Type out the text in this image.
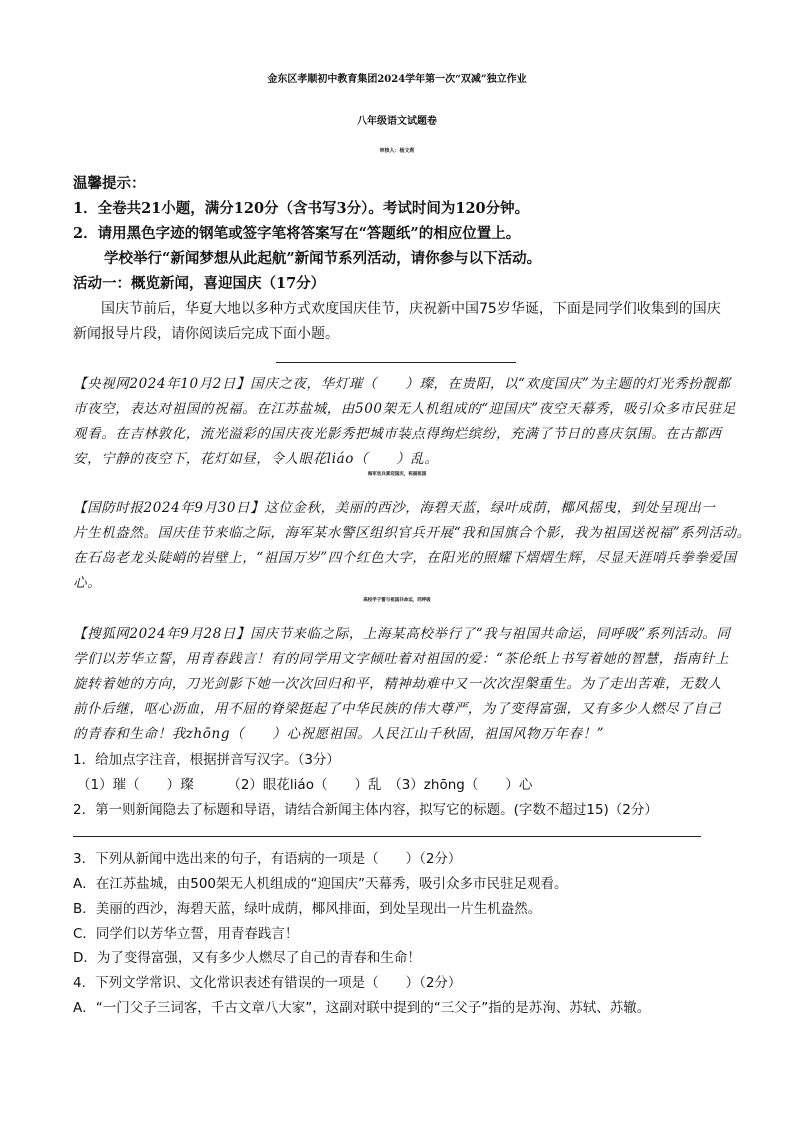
金东区孝顺初中教育集团2024学年第一次“双减”独立作业
八年级语文试题卷
审核人：杨文莉
温馨提示：
1．全卷共21小题，满分120分（含书写3分）。考试时间为120分钟。
2．请用黑色字迹的钢笔或签字笔将答案写在“答题纸”的相应位置上。
学校举行“新闻梦想从此起航”新闻节系列活动，请你参与以下活动。
活动一：概览新闻，喜迎国庆（17分）
国庆节前后，华夏大地以多种方式欢度国庆佳节，庆祝新中国75岁华诞，下面是同学们收集到的国庆
新闻报导片段，请你阅读后完成下面小题。
【央视网2024年10月2日】国庆之夜，华灯璀（　　）璨，在贵阳，以“欢度国庆”为主题的灯光秀扮靓都
市夜空，表达对祖国的祝福。在江苏盐城，由500架无人机组成的“迎国庆”夜空天幕秀，吸引众多市民驻足
观看。在吉林敦化，流光溢彩的国庆夜光影秀把城市装点得绚烂缤纷，充满了节日的喜庆氛围。在古都西
安，宁静的夜空下，花灯如昼，令人眼花liáo（　　）乱。
海军官兵喜迎国庆，祝福祖国
【国防时报2024年9月30日】这位金秋，美丽的西沙，海碧天蓝，绿叶成荫，椰风摇曳，到处呈现出一
片生机盎然。国庆佳节来临之际，海军某水警区组织官兵开展“我和国旗合个影，我为祖国送祝福”系列活动。
在石岛老龙头陡峭的岩壁上，“祖国万岁”四个红色大字，在阳光的照耀下熠熠生辉，尽显天涯哨兵拳拳爱国
心。
高校学子誓与祖国共命运，同呼吸
【搜狐网2024年9月28日】国庆节来临之际，上海某高校举行了“我与祖国共命运，同呼吸”系列活动。同
学们以芳华立誓，用青春践言！有的同学用文字倾吐着对祖国的爱：“茶伦纸上书写着她的智慧，指南针上
旋转着她的方向，刀光剑影下她一次次回归和平，精神劫难中又一次次涅槃重生。为了走出苦难，无数人
前仆后继，呕心沥血，用不屈的脊梁挺起了中华民族的伟大尊严，为了变得富强，又有多少人燃尽了自己
的青春和生命！我zhōng（　　）心祝愿祖国。人民江山千秋固，祖国风物万年春！”
1．给加点字注音，根据拼音写汉字。（3分）
（1）璀（　　）璨　　　（2）眼花liáo（　　）乱　（3）zhōng（　　）心
2．第一则新闻隐去了标题和导语，请结合新闻主体内容，拟写它的标题。(字数不超过15)（2分）
3．下列从新闻中选出来的句子，有语病的一项是（　　）（2分）
A．在江苏盐城，由500架无人机组成的“迎国庆”天幕秀，吸引众多市民驻足观看。
B．美丽的西沙，海碧天蓝，绿叶成荫，椰风排面，到处呈现出一片生机盎然。
C．同学们以芳华立誓，用青春践言！
D．为了变得富强，又有多少人燃尽了自己的青春和生命！
4．下列文学常识、文化常识表述有错误的一项是（　　）（2分）
A．“一门父子三词客，千古文章八大家”，这副对联中提到的“三父子”指的是苏洵、苏轼、苏辙。
